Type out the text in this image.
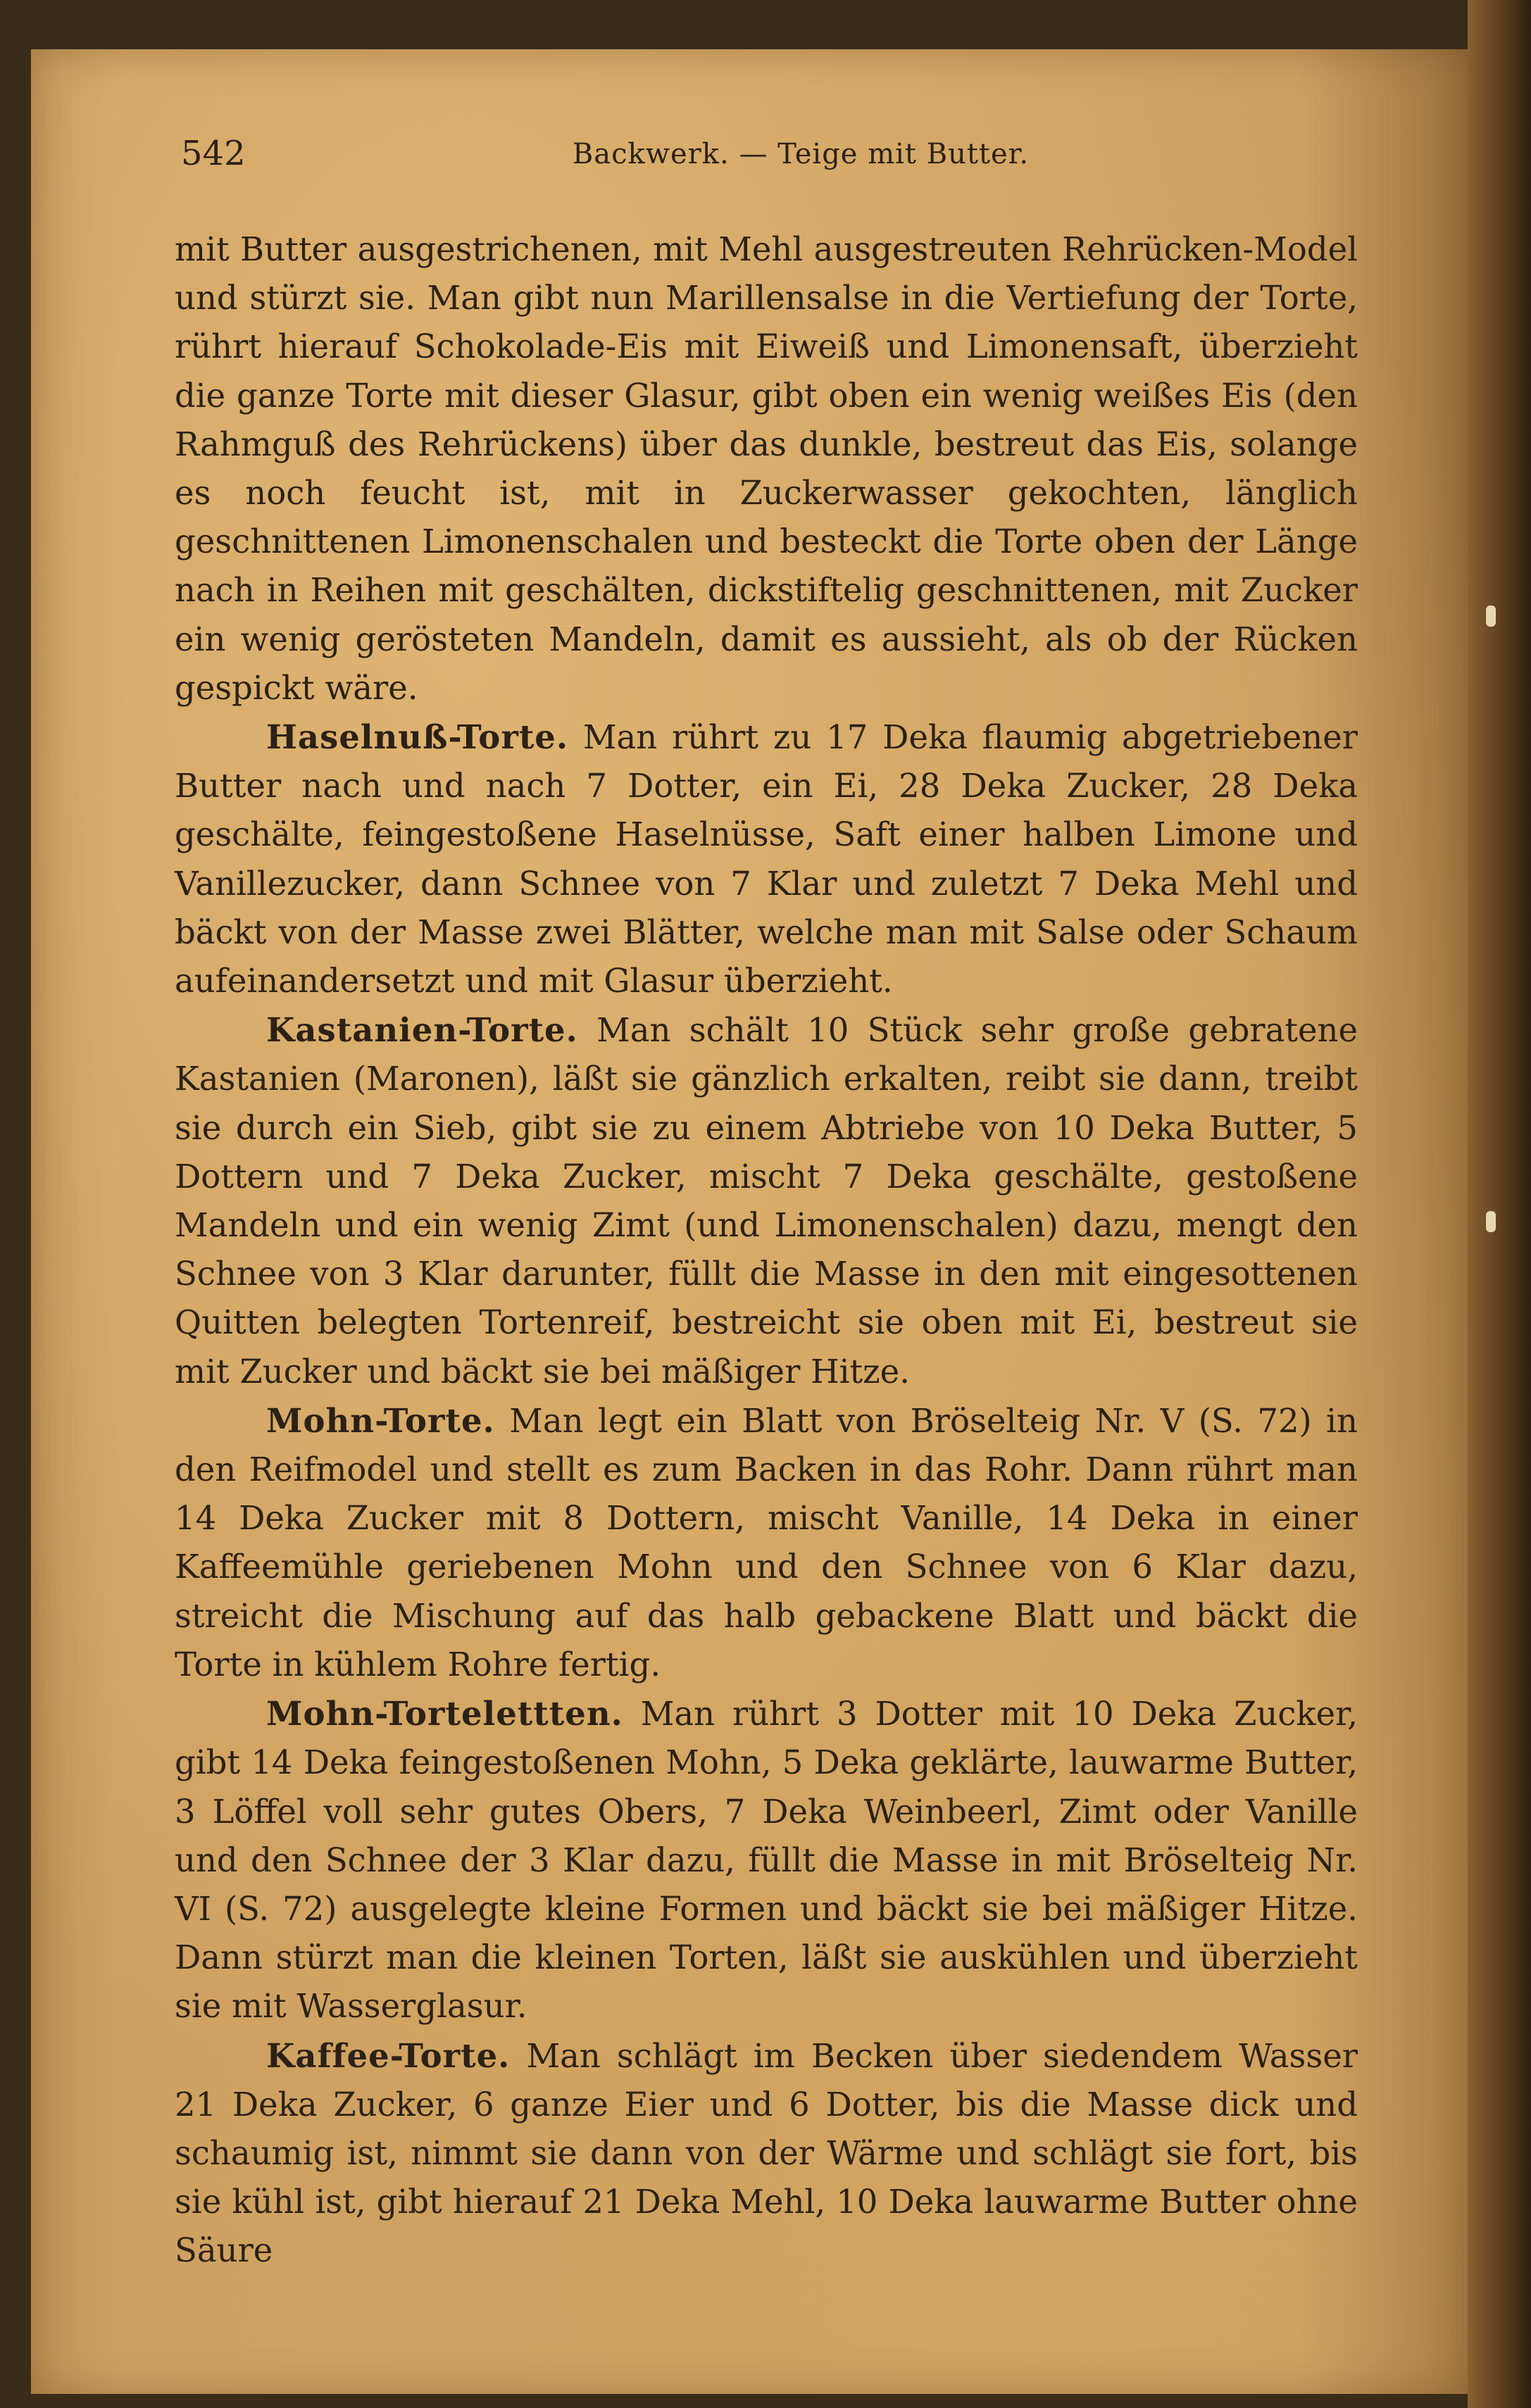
542	Backwerk. — Teige mit Butter.

mit Butter ausgestrichenen, mit Mehl ausgestreuten Rehrücken-Model und stürzt sie. Man gibt nun Marillensalse in die Vertiefung der Torte, rührt hierauf Schokolade-Eis mit Eiweiß und Limonensaft, überzieht die ganze Torte mit dieser Glasur, gibt oben ein wenig weißes Eis (den Rahmguß des Rehrückens) über das dunkle, bestreut das Eis, solange es noch feucht ist, mit in Zuckerwasser gekochten, länglich geschnittenen Limonenschalen und besteckt die Torte oben der Länge nach in Reihen mit geschälten, dickstiftelig geschnittenen, mit Zucker ein wenig gerösteten Mandeln, damit es aussieht, als ob der Rücken gespickt wäre.

Haselnuß-Torte. Man rührt zu 17 Deka flaumig abgetriebener Butter nach und nach 7 Dotter, ein Ei, 28 Deka Zucker, 28 Deka geschälte, feingestoßene Haselnüsse, Saft einer halben Limone und Vanillezucker, dann Schnee von 7 Klar und zuletzt 7 Deka Mehl und bäckt von der Masse zwei Blätter, welche man mit Salse oder Schaum aufeinandersetzt und mit Glasur überzieht.

Kastanien-Torte. Man schält 10 Stück sehr große gebratene Kastanien (Maronen), läßt sie gänzlich erkalten, reibt sie dann, treibt sie durch ein Sieb, gibt sie zu einem Abtriebe von 10 Deka Butter, 5 Dottern und 7 Deka Zucker, mischt 7 Deka geschälte, gestoßene Mandeln und ein wenig Zimt (und Limonenschalen) dazu, mengt den Schnee von 3 Klar darunter, füllt die Masse in den mit eingesottenen Quitten belegten Tortenreif, bestreicht sie oben mit Ei, bestreut sie mit Zucker und bäckt sie bei mäßiger Hitze.

Mohn-Torte. Man legt ein Blatt von Bröselteig Nr. V (S. 72) in den Reifmodel und stellt es zum Backen in das Rohr. Dann rührt man 14 Deka Zucker mit 8 Dottern, mischt Vanille, 14 Deka in einer Kaffeemühle geriebenen Mohn und den Schnee von 6 Klar dazu, streicht die Mischung auf das halb gebackene Blatt und bäckt die Torte in kühlem Rohre fertig.

Mohn-Tortelettten. Man rührt 3 Dotter mit 10 Deka Zucker, gibt 14 Deka feingestoßenen Mohn, 5 Deka geklärte, lauwarme Butter, 3 Löffel voll sehr gutes Obers, 7 Deka Weinbeerl, Zimt oder Vanille und den Schnee der 3 Klar dazu, füllt die Masse in mit Bröselteig Nr. VI (S. 72) ausgelegte kleine Formen und bäckt sie bei mäßiger Hitze. Dann stürzt man die kleinen Torten, läßt sie auskühlen und überzieht sie mit Wasserglasur.

Kaffee-Torte. Man schlägt im Becken über siedendem Wasser 21 Deka Zucker, 6 ganze Eier und 6 Dotter, bis die Masse dick und schaumig ist, nimmt sie dann von der Wärme und schlägt sie fort, bis sie kühl ist, gibt hierauf 21 Deka Mehl, 10 Deka lauwarme Butter ohne Säure
